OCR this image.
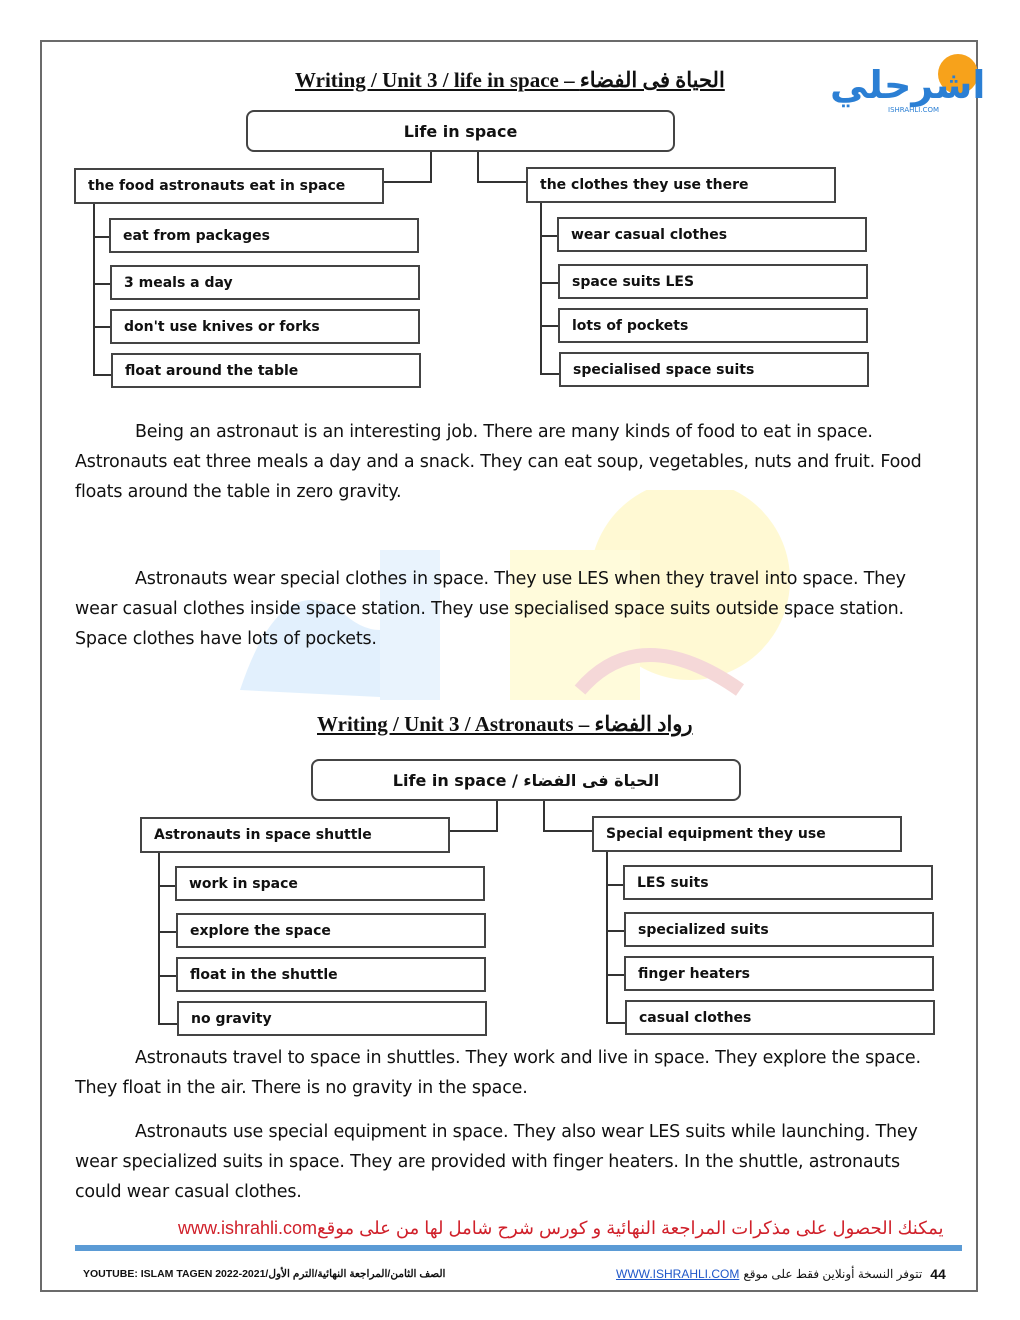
اشرحلي
ISHRAHLI.COM
Writing / Unit 3 / life in space – الحياة فى الفضاء
Life in space
the food astronauts eat in space
eat from packages
3 meals a day
don't use knives or forks
float around the table
the clothes they use there
wear casual clothes
space suits LES
lots of pockets
specialised space suits
Being an astronaut is an interesting job. There are many kinds of food to eat in space. Astronauts eat three meals a day and a snack. They can eat soup, vegetables, nuts and fruit. Food floats around the table in zero gravity.
Astronauts wear special clothes in space. They use LES when they travel into space. They wear casual clothes inside space station. They use specialised space suits outside space station. Space clothes have lots of pockets.
Writing / Unit 3 / Astronauts – رواد الفضاء
Life in space / الحياة فى الفضاء
Astronauts in space shuttle
work in space
explore the space
float in the shuttle
no gravity
Special equipment they use
LES suits
specialized suits
finger heaters
casual clothes
Astronauts travel to space in shuttles. They work and live in space. They explore the space. They float in the air. There is no gravity in the space.
Astronauts use special equipment in space. They also wear LES suits while launching. They wear specialized suits in space. They are provided with finger heaters. In the shuttle, astronauts could wear casual clothes.
www.ishrahli.com يمكنك الحصول على مذكرات المراجعة النهائية و كورس شرح شامل لها من على موقع
YOUTUBE: ISLAM TAGEN 2022-2021/الصف الثامن/المراجعة النهائية/الترم الأول	WWW.ISHRAHLI.COM تتوفر النسخة أونلاين فقط على موقع 44
